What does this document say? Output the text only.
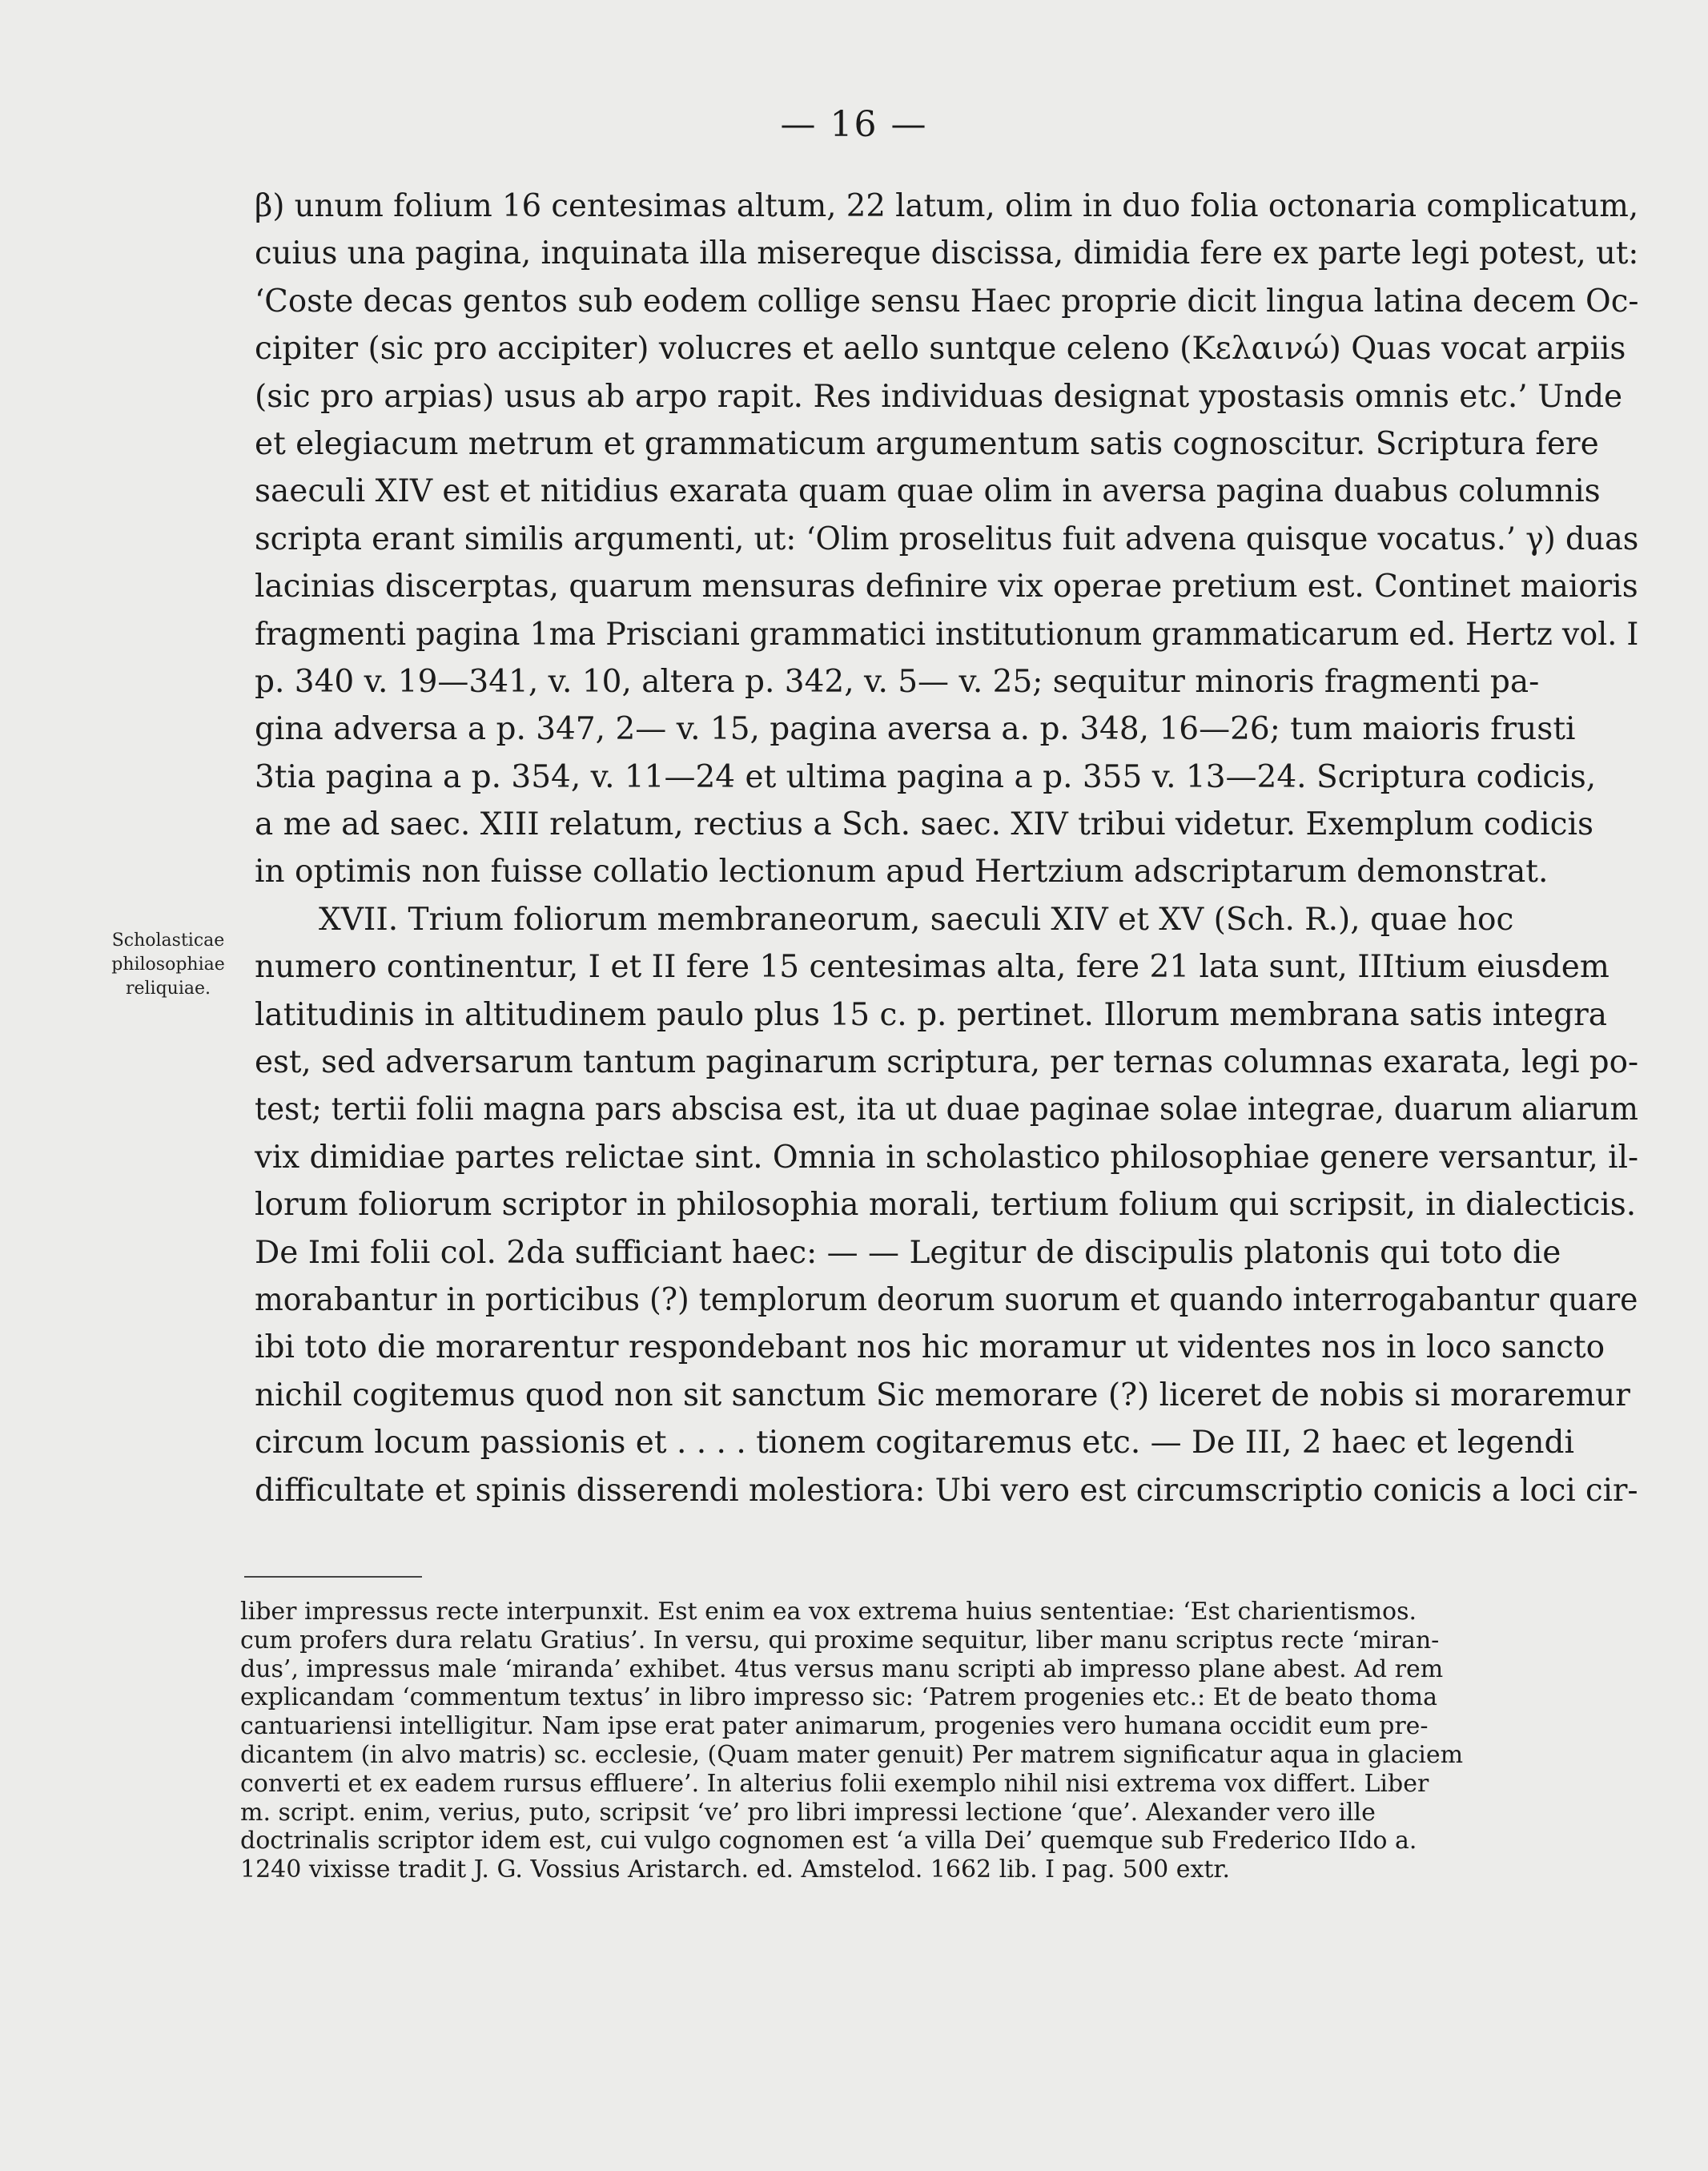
— 16 —
Scholasticae
philosophiae
reliquiae.
β) unum folium 16 centesimas altum, 22 latum, olim in duo folia octonaria complicatum,
cuius una pagina, inquinata illa misereque discissa, dimidia fere ex parte legi potest, ut:
‘Coste decas gentos sub eodem collige sensu Haec proprie dicit lingua latina decem Oc-
cipiter (sic pro accipiter) volucres et aello suntque celeno (Κελαινώ) Quas vocat arpiis
(sic pro arpias) usus ab arpo rapit. Res individuas designat ypostasis omnis etc.’ Unde
et elegiacum metrum et grammaticum argumentum satis cognoscitur. Scriptura fere
saeculi XIV est et nitidius exarata quam quae olim in aversa pagina duabus columnis
scripta erant similis argumenti, ut: ‘Olim proselitus fuit advena quisque vocatus.’ γ) duas
lacinias discerptas, quarum mensuras definire vix operae pretium est. Continet maioris
fragmenti pagina 1ma Prisciani grammatici institutionum grammaticarum ed. Hertz vol. I
p. 340 v. 19—341, v. 10, altera p. 342, v. 5— v. 25; sequitur minoris fragmenti pa-
gina adversa a p. 347, 2— v. 15, pagina aversa a. p. 348, 16—26; tum maioris frusti
3tia pagina a p. 354, v. 11—24 et ultima pagina a p. 355 v. 13—24. Scriptura codicis,
a me ad saec. XIII relatum, rectius a Sch. saec. XIV tribui videtur. Exemplum codicis
in optimis non fuisse collatio lectionum apud Hertzium adscriptarum demonstrat.
XVII. Trium foliorum membraneorum, saeculi XIV et XV (Sch. R.), quae hoc
numero continentur, I et II fere 15 centesimas alta, fere 21 lata sunt, IIItium eiusdem
latitudinis in altitudinem paulo plus 15 c. p. pertinet. Illorum membrana satis integra
est, sed adversarum tantum paginarum scriptura, per ternas columnas exarata, legi po-
test; tertii folii magna pars abscisa est, ita ut duae paginae solae integrae, duarum aliarum
vix dimidiae partes relictae sint. Omnia in scholastico philosophiae genere versantur, il-
lorum foliorum scriptor in philosophia morali, tertium folium qui scripsit, in dialecticis.
De Imi folii col. 2da sufficiant haec: — — Legitur de discipulis platonis qui toto die
morabantur in porticibus (?) templorum deorum suorum et quando interrogabantur quare
ibi toto die morarentur respondebant nos hic moramur ut videntes nos in loco sancto
nichil cogitemus quod non sit sanctum Sic memorare (?) liceret de nobis si moraremur
circum locum passionis et . . . . tionem cogitaremus etc. — De III, 2 haec et legendi
difficultate et spinis disserendi molestiora: Ubi vero est circumscriptio conicis a loci cir-
liber impressus recte interpunxit. Est enim ea vox extrema huius sententiae: ‘Est charientismos.
cum profers dura relatu Gratius’. In versu, qui proxime sequitur, liber manu scriptus recte ‘miran-
dus’, impressus male ‘miranda’ exhibet. 4tus versus manu scripti ab impresso plane abest. Ad rem
explicandam ‘commentum textus’ in libro impresso sic: ‘Patrem progenies etc.: Et de beato thoma
cantuariensi intelligitur. Nam ipse erat pater animarum, progenies vero humana occidit eum pre-
dicantem (in alvo matris) sc. ecclesie, (Quam mater genuit) Per matrem significatur aqua in glaciem
converti et ex eadem rursus effluere’. In alterius folii exemplo nihil nisi extrema vox differt. Liber
m. script. enim, verius, puto, scripsit ‘ve’ pro libri impressi lectione ‘que’. Alexander vero ille
doctrinalis scriptor idem est, cui vulgo cognomen est ‘a villa Dei’ quemque sub Frederico IIdo a.
1240 vixisse tradit J. G. Vossius Aristarch. ed. Amstelod. 1662 lib. I pag. 500 extr.
